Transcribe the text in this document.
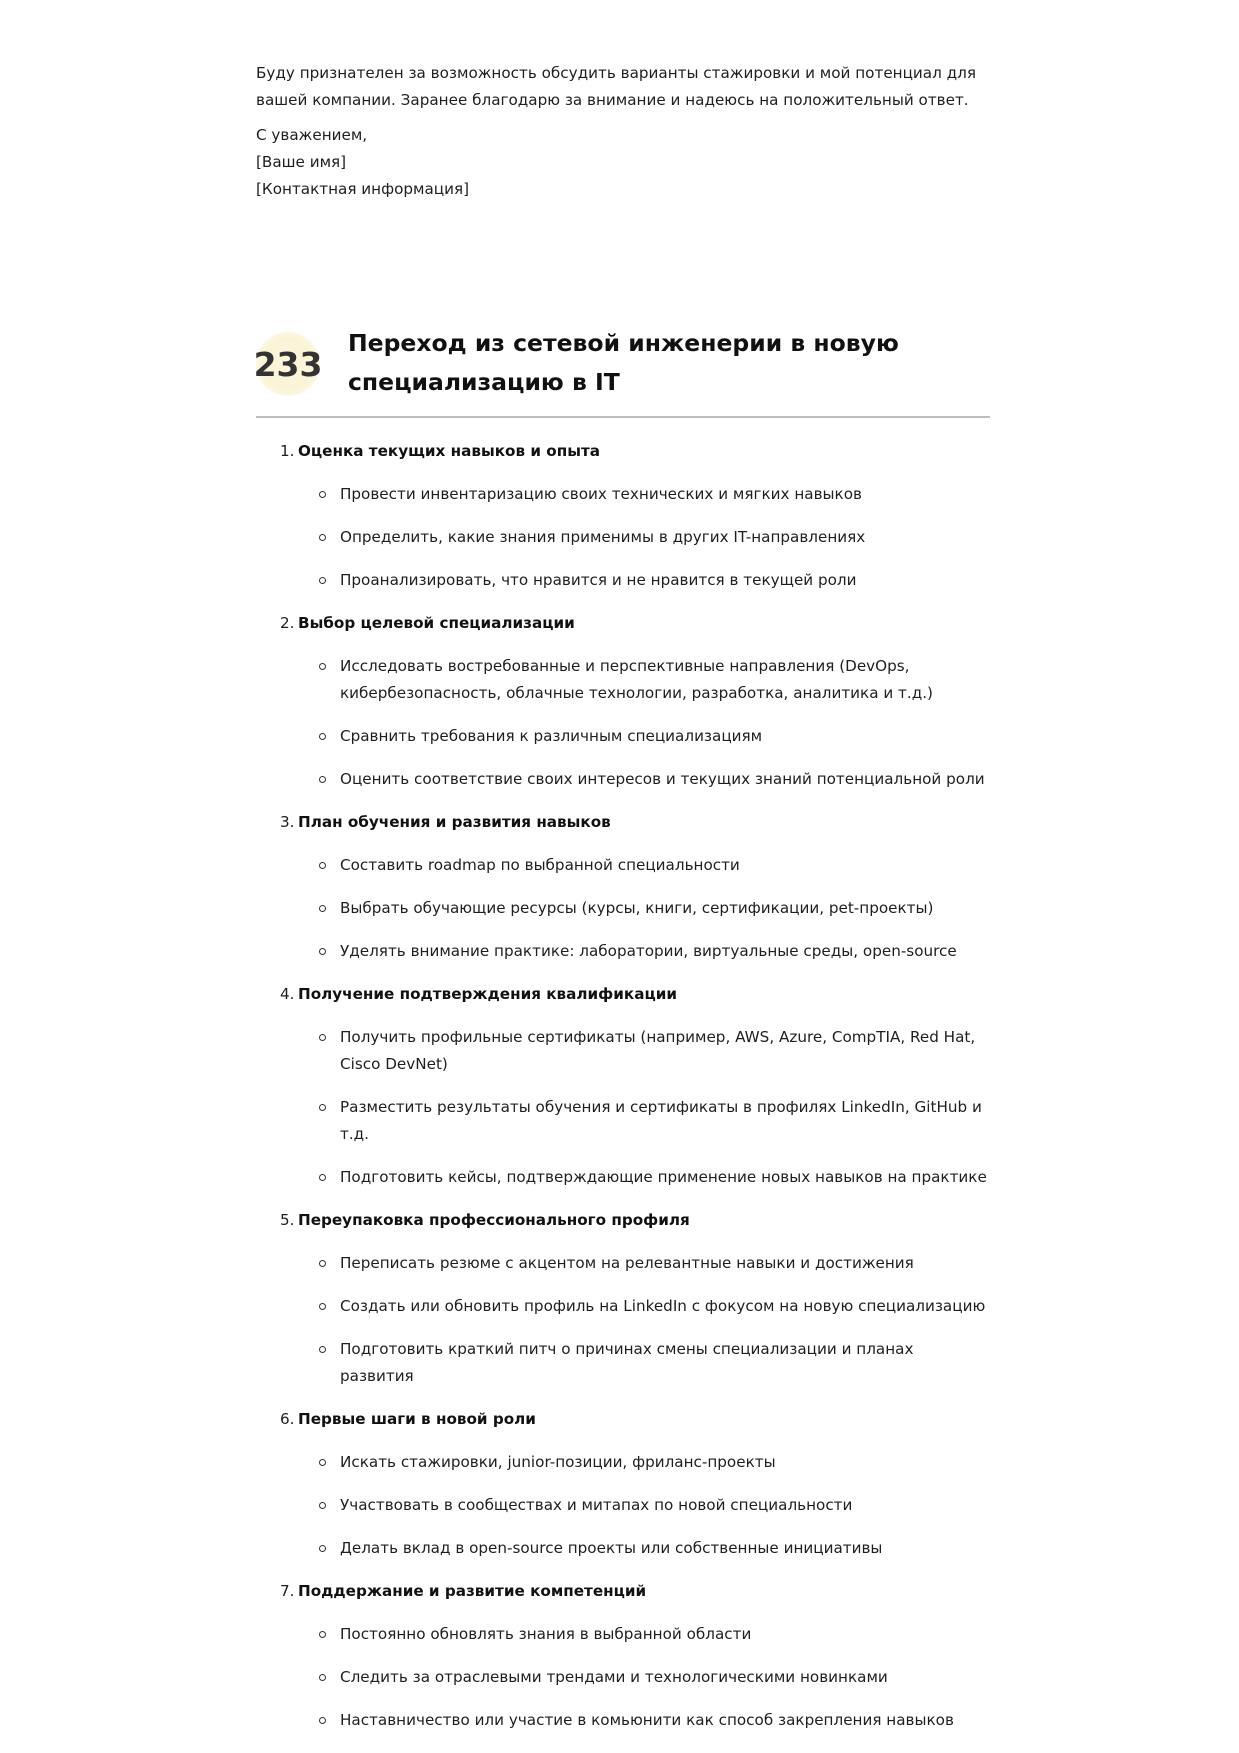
Буду признателен за возможность обсудить варианты стажировки и мой потенциал для

вашей компании. Заранее благодарю за внимание и надеюсь на положительный ответ.

С уважением,

[Ваше имя]

[Контактная информация]

233
Переход из сетевой инженерии в новую
специализацию в IT
1. Оценка текущих навыков и опыта
Провести инвентаризацию своих технических и мягких навыков
Определить, какие знания применимы в других IT-направлениях
Проанализировать, что нравится и не нравится в текущей роли
2. Выбор целевой специализации
Исследовать востребованные и перспективные направления (DevOps, кибербезопасность, облачные технологии, разработка, аналитика и т.д.)
Сравнить требования к различным специализациям
Оценить соответствие своих интересов и текущих знаний потенциальной роли
3. План обучения и развития навыков
Составить roadmap по выбранной специальности
Выбрать обучающие ресурсы (курсы, книги, сертификации, pet-проекты)
Уделять внимание практике: лаборатории, виртуальные среды, open-source
4. Получение подтверждения квалификации
Получить профильные сертификаты (например, AWS, Azure, CompTIA, Red Hat, Cisco DevNet)
Разместить результаты обучения и сертификаты в профилях LinkedIn, GitHub и т.д.
Подготовить кейсы, подтверждающие применение новых навыков на практике
5. Переупаковка профессионального профиля
Переписать резюме с акцентом на релевантные навыки и достижения
Создать или обновить профиль на LinkedIn с фокусом на новую специализацию
Подготовить краткий питч о причинах смены специализации и планах развития
6. Первые шаги в новой роли
Искать стажировки, junior-позиции, фриланс-проекты
Участвовать в сообществах и митапах по новой специальности
Делать вклад в open-source проекты или собственные инициативы
7. Поддержание и развитие компетенций
Постоянно обновлять знания в выбранной области
Следить за отраслевыми трендами и технологическими новинками
Наставничество или участие в комьюнити как способ закрепления навыков
